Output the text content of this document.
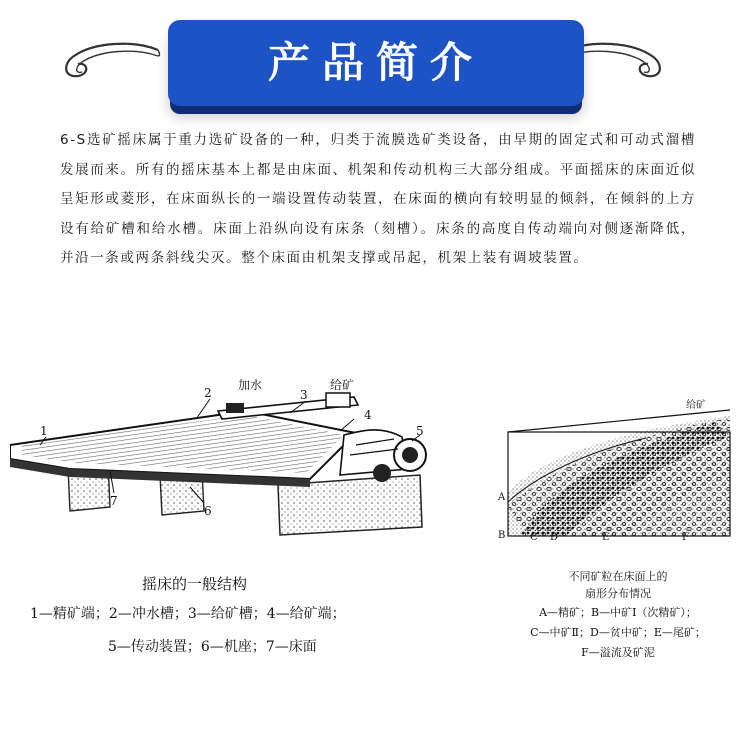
产品简介
6-S选矿摇床属于重力选矿设备的一种，归类于流膜选矿类设备，由早期的固定式和可动式溜槽发展而来。所有的摇床基本上都是由床面、机架和传动机构三大部分组成。平面摇床的床面近似呈矩形或菱形，在床面纵长的一端设置传动装置，在床面的横向有较明显的倾斜，在倾斜的上方设有给矿槽和给水槽。床面上沿纵向设有床条（刻槽）。床条的高度自传动端向对侧逐渐降低，并沿一条或两条斜线尖灭。整个床面由机架支撑或吊起，机架上装有调坡装置。
加水	给矿
1
2	3
4
5
6
7
给矿
A
B C D	E	F
摇床的一般结构
1—精矿端；2—冲水槽；3—给矿槽；4—给矿端；
5—传动装置；6—机座；7—床面
不同矿粒在床面上的
扇形分布情况
A—精矿；B—中矿Ⅰ（次精矿）；
C—中矿Ⅱ；D—贫中矿；E—尾矿；
F—溢流及矿泥
